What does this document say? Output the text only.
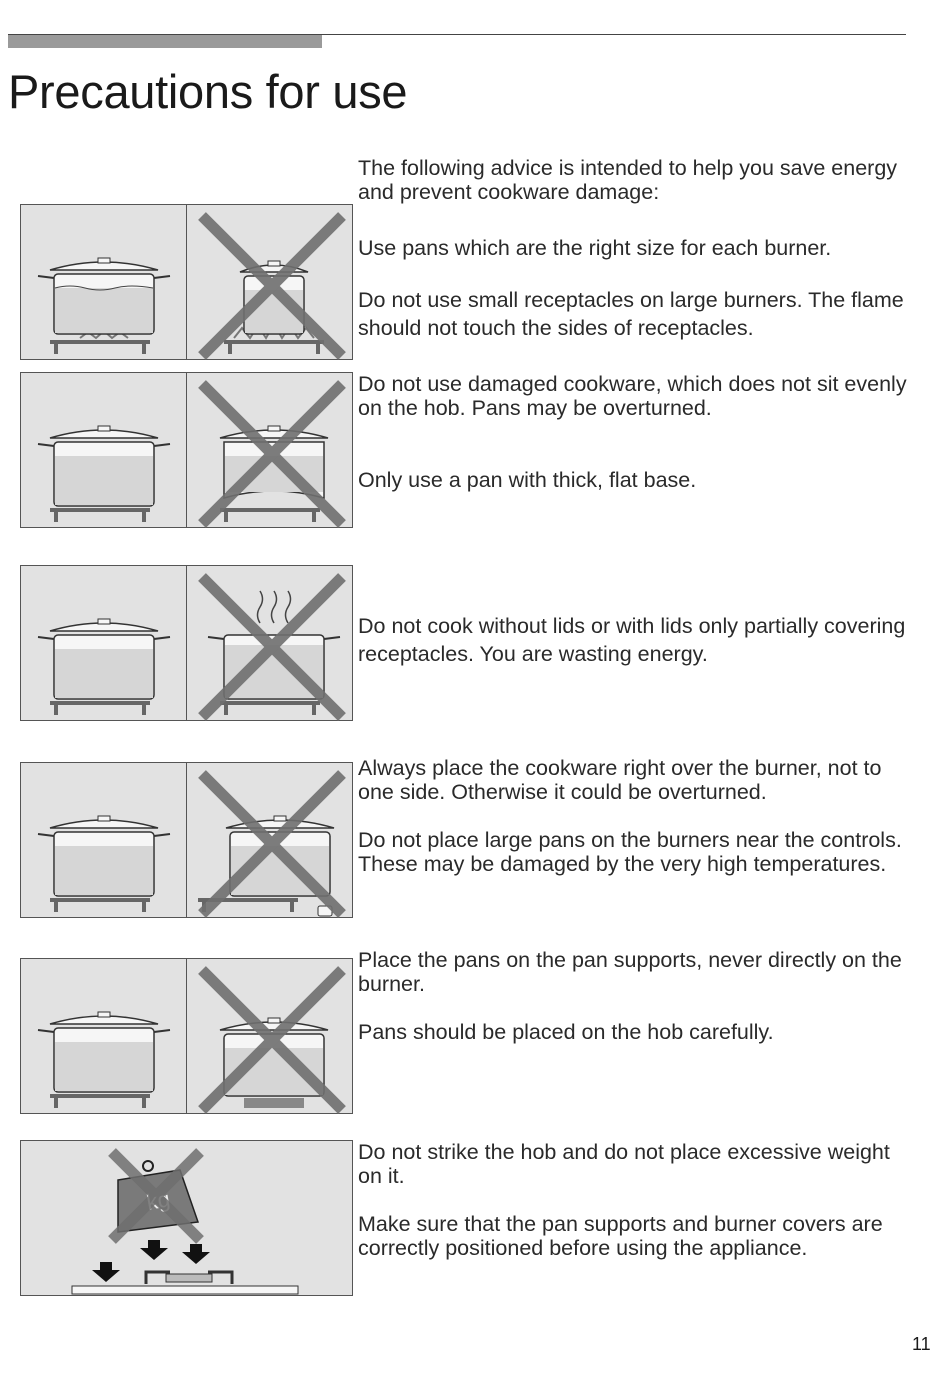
Precautions for use

The following advice is intended to help you save energy and prevent cookware damage:

Use pans which are the right size for each burner.

Do not use small receptacles on large burners. The flame should not touch the sides of receptacles.

Do not use damaged cookware, which does not sit evenly on the hob. Pans may be overturned.

Only use a pan with thick, flat base.

Do not cook without lids or with lids only partially covering receptacles. You are wasting energy.

Always place the cookware right over the burner, not to one side. Otherwise it could be overturned.

Do not place large pans on the burners near the controls. These may be damaged by the very high temperatures.

Place the pans on the pan supports, never directly on the burner.

Pans should be placed on the hob carefully.

Do not strike the hob and do not place excessive weight on it.

Make sure that the pan supports and burner covers are correctly positioned before using the appliance.

11
